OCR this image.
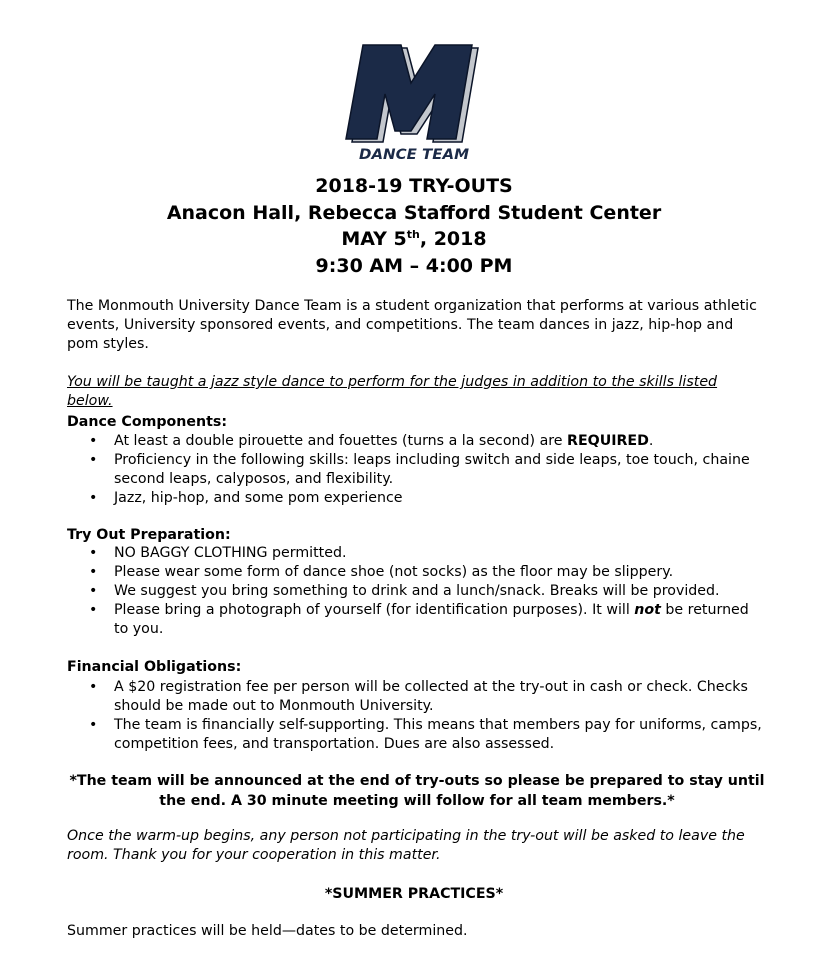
DANCE TEAM
2018-19 TRY-OUTS
Anacon Hall, Rebecca Stafford Student Center
MAY 5th, 2018
9:30 AM – 4:00 PM
The Monmouth University Dance Team is a student organization that performs at various athletic events, University sponsored events, and competitions. The team dances in jazz, hip-hop and pom styles.
You will be taught a jazz style dance to perform for the judges in addition to the skills listed below.
Dance Components:
• At least a double pirouette and fouettes (turns a la second) are REQUIRED.
• Proficiency in the following skills: leaps including switch and side leaps, toe touch, chaine second leaps, calyposos, and flexibility.
• Jazz, hip-hop, and some pom experience
Try Out Preparation:
• NO BAGGY CLOTHING permitted.
• Please wear some form of dance shoe (not socks) as the floor may be slippery.
• We suggest you bring something to drink and a lunch/snack. Breaks will be provided.
• Please bring a photograph of yourself (for identification purposes). It will not be returned to you.
Financial Obligations:
• A $20 registration fee per person will be collected at the try-out in cash or check. Checks should be made out to Monmouth University.
• The team is financially self-supporting. This means that members pay for uniforms, camps, competition fees, and transportation. Dues are also assessed.
*The team will be announced at the end of try-outs so please be prepared to stay until the end. A 30 minute meeting will follow for all team members.*
Once the warm-up begins, any person not participating in the try-out will be asked to leave the room. Thank you for your cooperation in this matter.
*SUMMER PRACTICES*
Summer practices will be held—dates to be determined.
